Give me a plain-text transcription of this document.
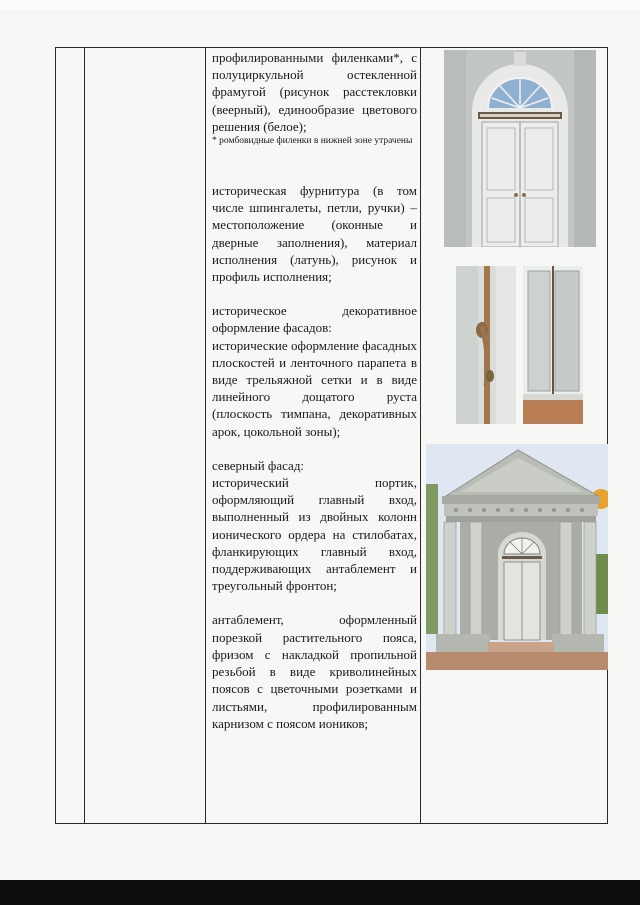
профилированными филенками*, с полуциркульной остекленной фрамугой (рисунок расстекловки (веерный), единообразие цветового решения (белое);

* ромбовидные филенки в нижней зоне утрачены

историческая фурнитура (в том числе шпингалеты, петли, ручки) – местоположение (оконные и дверные заполнения), материал исполнения (латунь), рисунок и профиль исполнения;

историческое декоративное оформление фасадов:

исторические оформление фасадных плоскостей и ленточного парапета в виде трельяжной сетки и в виде линейного дощатого руста (плоскость тимпана, декоративных арок, цокольной зоны);

северный фасад:

исторический портик, оформляющий главный вход, выполненный из двойных колонн ионического ордера на стилобатах, фланкирующих главный вход, поддерживающих антаблемент и треугольный фронтон;

антаблемент, оформленный порезкой растительного пояса, фризом с накладкой пропильной резьбой в виде криволинейных поясов с цветочными розетками и листьями, профилированным карнизом с поясом иоников;
